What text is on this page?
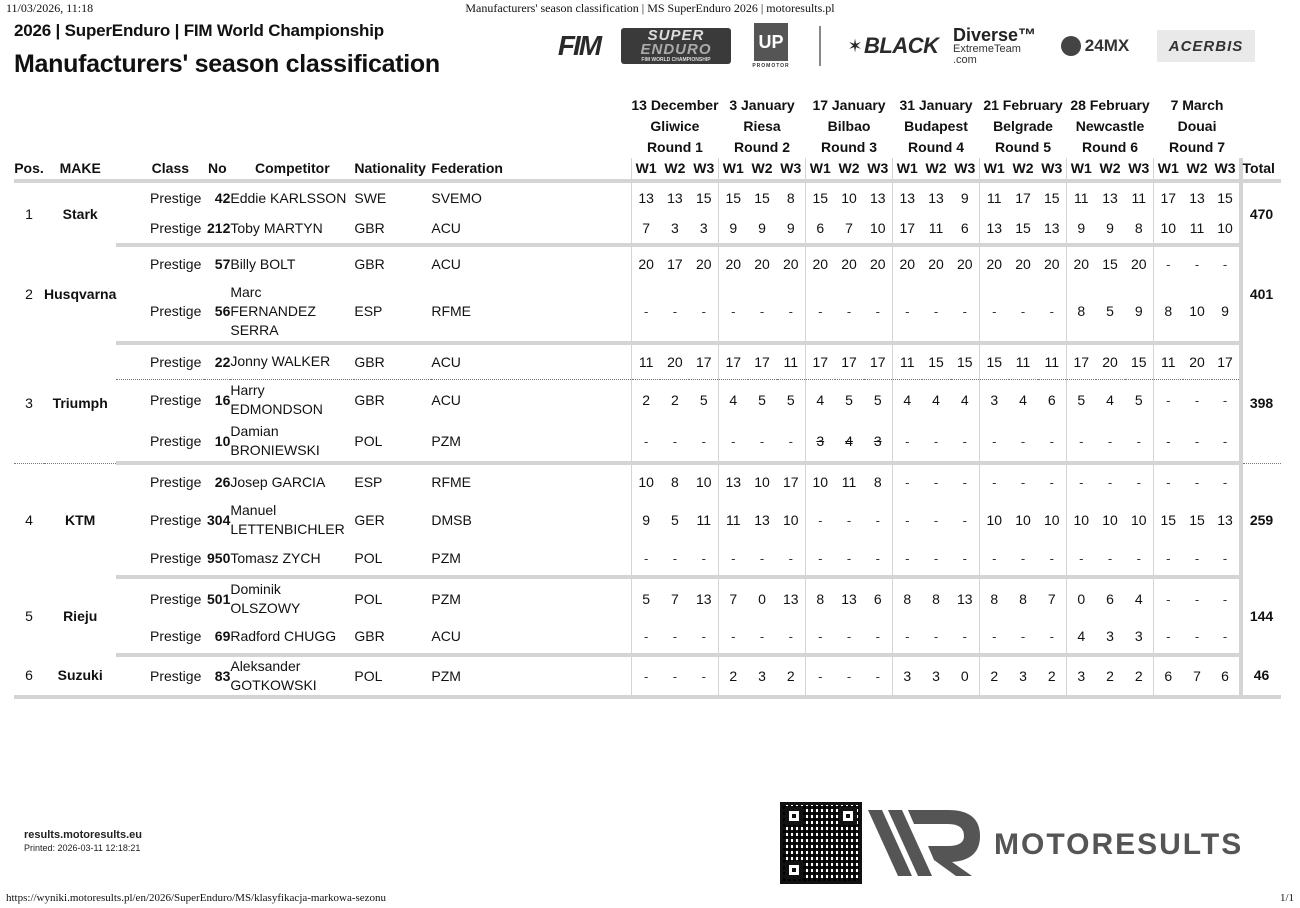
11/03/2026, 11:18	Manufacturers' season classification | MS SuperEnduro 2026 | motoresults.pl
2026 | SuperEnduro | FIM World Championship
Manufacturers' season classification
FIM	SUPER
ENDURO
FIM WORLD CHAMPIONSHIP
UP
PROMOTOR
✶ BLACK Diverse™
ExtremeTeam
.com
24MX	ACERBIS
							13 December			3 January			17 January			31 January			21 February			28 February			7 March			
							Gliwice			Riesa			Bilbao			Budapest			Belgrade			Newcastle			Douai			
							Round 1			Round 2			Round 3			Round 4			Round 5			Round 6			Round 7			
Pos.	MAKE	Class	No	Competitor	Nationality	Federation	W1	W2	W3	W1	W2	W3	W1	W2	W3	W1	W2	W3	W1	W2	W3	W1	W2	W3	W1	W2	W3	Total
1	Stark	Prestige	42	Eddie KARLSSON	SWE	SVEMO	13	13	15	15	15	8	15	10	13	13	13	9	11	17	15	11	13	11	17	13	15	470
		Prestige	212	Toby MARTYN	GBR	ACU	7	3	3	9	9	9	6	7	10	17	11	6	13	15	13	9	9	8	10	11	10	
2	Husqvarna	Prestige	57	Billy BOLT	GBR	ACU	20	17	20	20	20	20	20	20	20	20	20	20	20	20	20	20	15	20	-	-	-	401
		Prestige	56	Marc
FERNANDEZ
SERRA	ESP	RFME	-	-	-	-	-	-	-	-	-	-	-	-	-	-	-	8	5	9	8	10	9	
3	Triumph	Prestige	22	Jonny WALKER	GBR	ACU	11	20	17	17	17	11	17	17	17	11	15	15	15	11	11	17	20	15	11	20	17	398
		Prestige	16	Harry
EDMONDSON	GBR	ACU	2	2	5	4	5	5	4	5	5	4	4	4	3	4	6	5	4	5	-	-	-	
		Prestige	10	Damian
BRONIEWSKI	POL	PZM	-	-	-	-	-	-	3	4	3	-	-	-	-	-	-	-	-	-	-	-	-	
4	KTM	Prestige	26	Josep GARCIA	ESP	RFME	10	8	10	13	10	17	10	11	8	-	-	-	-	-	-	-	-	-	-	-	-	259
		Prestige	304	Manuel
LETTENBICHLER	GER	DMSB	9	5	11	11	13	10	-	-	-	-	-	-	10	10	10	10	10	10	15	15	13	
		Prestige	950	Tomasz ZYCH	POL	PZM	-	-	-	-	-	-	-	-	-	-	-	-	-	-	-	-	-	-	-	-	-	
5	Rieju	Prestige	501	Dominik
OLSZOWY	POL	PZM	5	7	13	7	0	13	8	13	6	8	8	13	8	8	7	0	6	4	-	-	-	144
		Prestige	69	Radford CHUGG	GBR	ACU	-	-	-	-	-	-	-	-	-	-	-	-	-	-	-	4	3	3	-	-	-	
6	Suzuki	Prestige	83	Aleksander
GOTKOWSKI	POL	PZM	-	-	-	2	3	2	-	-	-	3	3	0	2	3	2	3	2	2	6	7	6	46
results.motoresults.eu
Printed: 2026-03-11 12:18:21	MOTORESULTS
https://wyniki.motoresults.pl/en/2026/SuperEnduro/MS/klasyfikacja-markowa-sezonu	1/1
